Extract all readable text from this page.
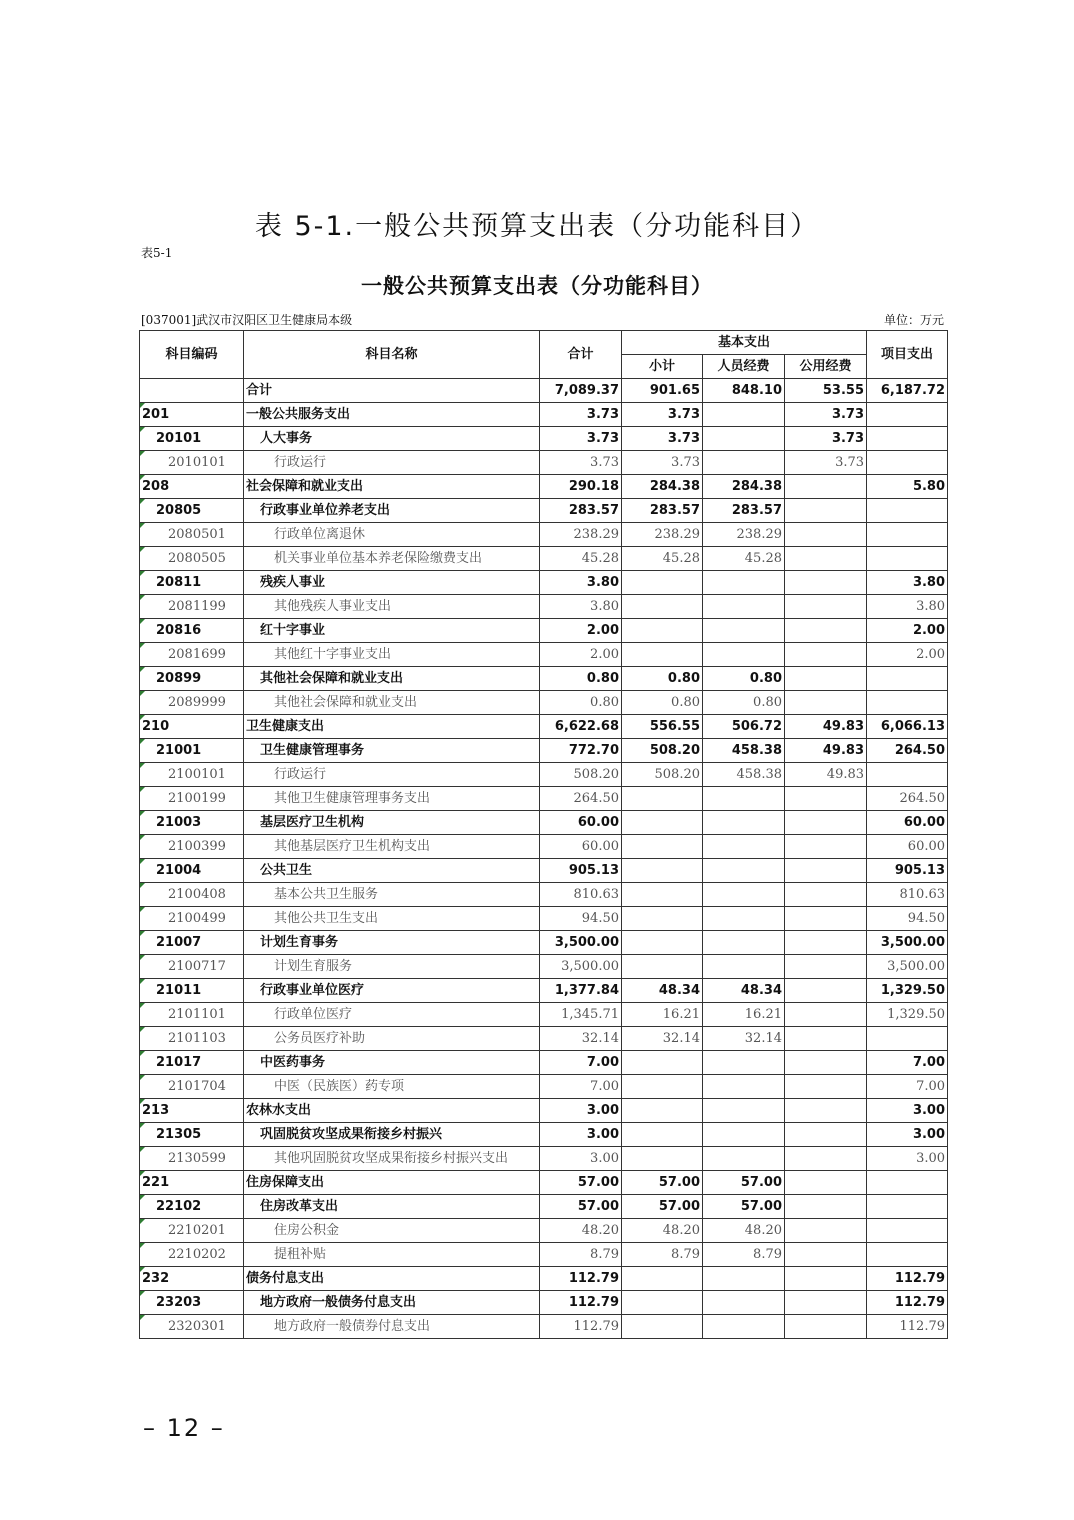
表 5-1.一般公共预算支出表（分功能科目）
表5-1
一般公共预算支出表（分功能科目）
[037001]武汉市汉阳区卫生健康局本级	单位：万元
科目编码	科目名称	合计	基本支出			项目支出
			小计	人员经费	公用经费	
	合计	7,089.37	901.65	848.10	53.55	6,187.72

201	一般公共服务支出	3.73	3.73		3.73	

20101	人大事务	3.73	3.73		3.73	

2010101	行政运行	3.73	3.73		3.73	

208	社会保障和就业支出	290.18	284.38	284.38		5.80

20805	行政事业单位养老支出	283.57	283.57	283.57		

2080501	行政单位离退休	238.29	238.29	238.29		

2080505	机关事业单位基本养老保险缴费支出	45.28	45.28	45.28		

20811	残疾人事业	3.80				3.80

2081199	其他残疾人事业支出	3.80				3.80

20816	红十字事业	2.00				2.00

2081699	其他红十字事业支出	2.00				2.00

20899	其他社会保障和就业支出	0.80	0.80	0.80		

2089999	其他社会保障和就业支出	0.80	0.80	0.80		

210	卫生健康支出	6,622.68	556.55	506.72	49.83	6,066.13

21001	卫生健康管理事务	772.70	508.20	458.38	49.83	264.50

2100101	行政运行	508.20	508.20	458.38	49.83	

2100199	其他卫生健康管理事务支出	264.50				264.50

21003	基层医疗卫生机构	60.00				60.00

2100399	其他基层医疗卫生机构支出	60.00				60.00

21004	公共卫生	905.13				905.13

2100408	基本公共卫生服务	810.63				810.63

2100499	其他公共卫生支出	94.50				94.50

21007	计划生育事务	3,500.00				3,500.00

2100717	计划生育服务	3,500.00				3,500.00

21011	行政事业单位医疗	1,377.84	48.34	48.34		1,329.50

2101101	行政单位医疗	1,345.71	16.21	16.21		1,329.50

2101103	公务员医疗补助	32.14	32.14	32.14		

21017	中医药事务	7.00				7.00

2101704	中医（民族医）药专项	7.00				7.00

213	农林水支出	3.00				3.00

21305	巩固脱贫攻坚成果衔接乡村振兴	3.00				3.00

2130599	其他巩固脱贫攻坚成果衔接乡村振兴支出	3.00				3.00

221	住房保障支出	57.00	57.00	57.00		

22102	住房改革支出	57.00	57.00	57.00		

2210201	住房公积金	48.20	48.20	48.20		

2210202	提租补贴	8.79	8.79	8.79		

232	债务付息支出	112.79				112.79

23203	地方政府一般债务付息支出	112.79				112.79

2320301	地方政府一般债券付息支出	112.79				112.79
– 12 –
